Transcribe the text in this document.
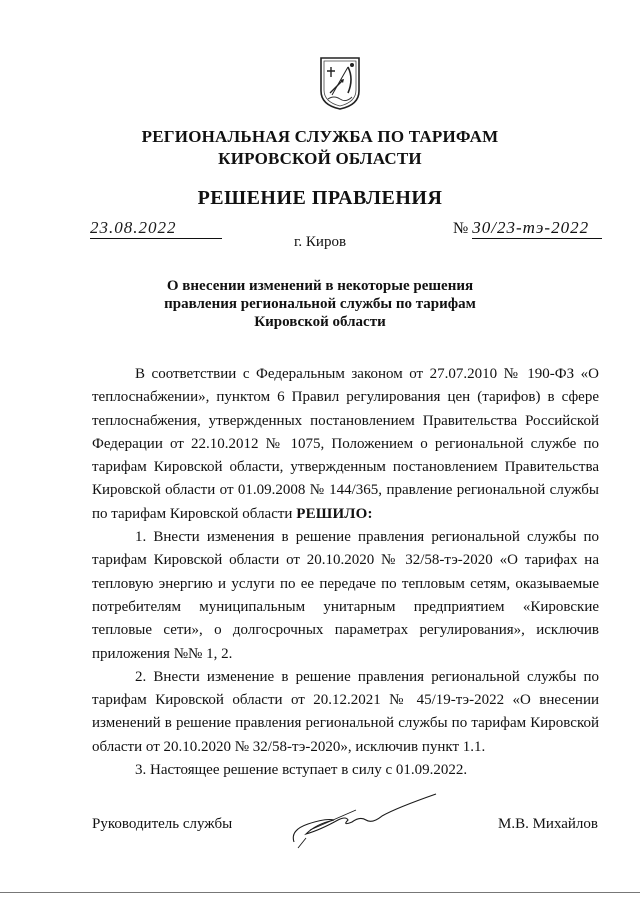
РЕГИОНАЛЬНАЯ СЛУЖБА ПО ТАРИФАМ
КИРОВСКОЙ ОБЛАСТИ
РЕШЕНИЕ ПРАВЛЕНИЯ
23.08.2022	№ 30/23-тэ-2022
г. Киров
О внесении изменений в некоторые решения
правления региональной службы по тарифам
Кировской области

В соответствии с Федеральным законом от 27.07.2010 № 190-ФЗ «О теплоснабжении», пунктом 6 Правил регулирования цен (тарифов) в сфере теплоснабжения, утвержденных постановлением Правительства Российской Федерации от 22.10.2012 № 1075, Положением о региональной службе по тарифам Кировской области, утвержденным постановлением Правительства Кировской области от 01.09.2008 № 144/365, правление региональной службы по тарифам Кировской области РЕШИЛО:

1. Внести изменения в решение правления региональной службы по тарифам Кировской области от 20.10.2020 № 32/58-тэ-2020 «О тарифах на тепловую энергию и услуги по ее передаче по тепловым сетям, оказываемые потребителям муниципальным унитарным предприятием «Кировские тепловые сети», о долгосрочных параметрах регулирования», исключив приложения №№ 1, 2.

2. Внести изменение в решение правления региональной службы по тарифам Кировской области от 20.12.2021 № 45/19-тэ-2022 «О внесении изменений в решение правления региональной службы по тарифам Кировской области от 20.10.2020 № 32/58-тэ-2020», исключив пункт 1.1.

3. Настоящее решение вступает в силу с 01.09.2022.

Руководитель службы	М.В. Михайлов
